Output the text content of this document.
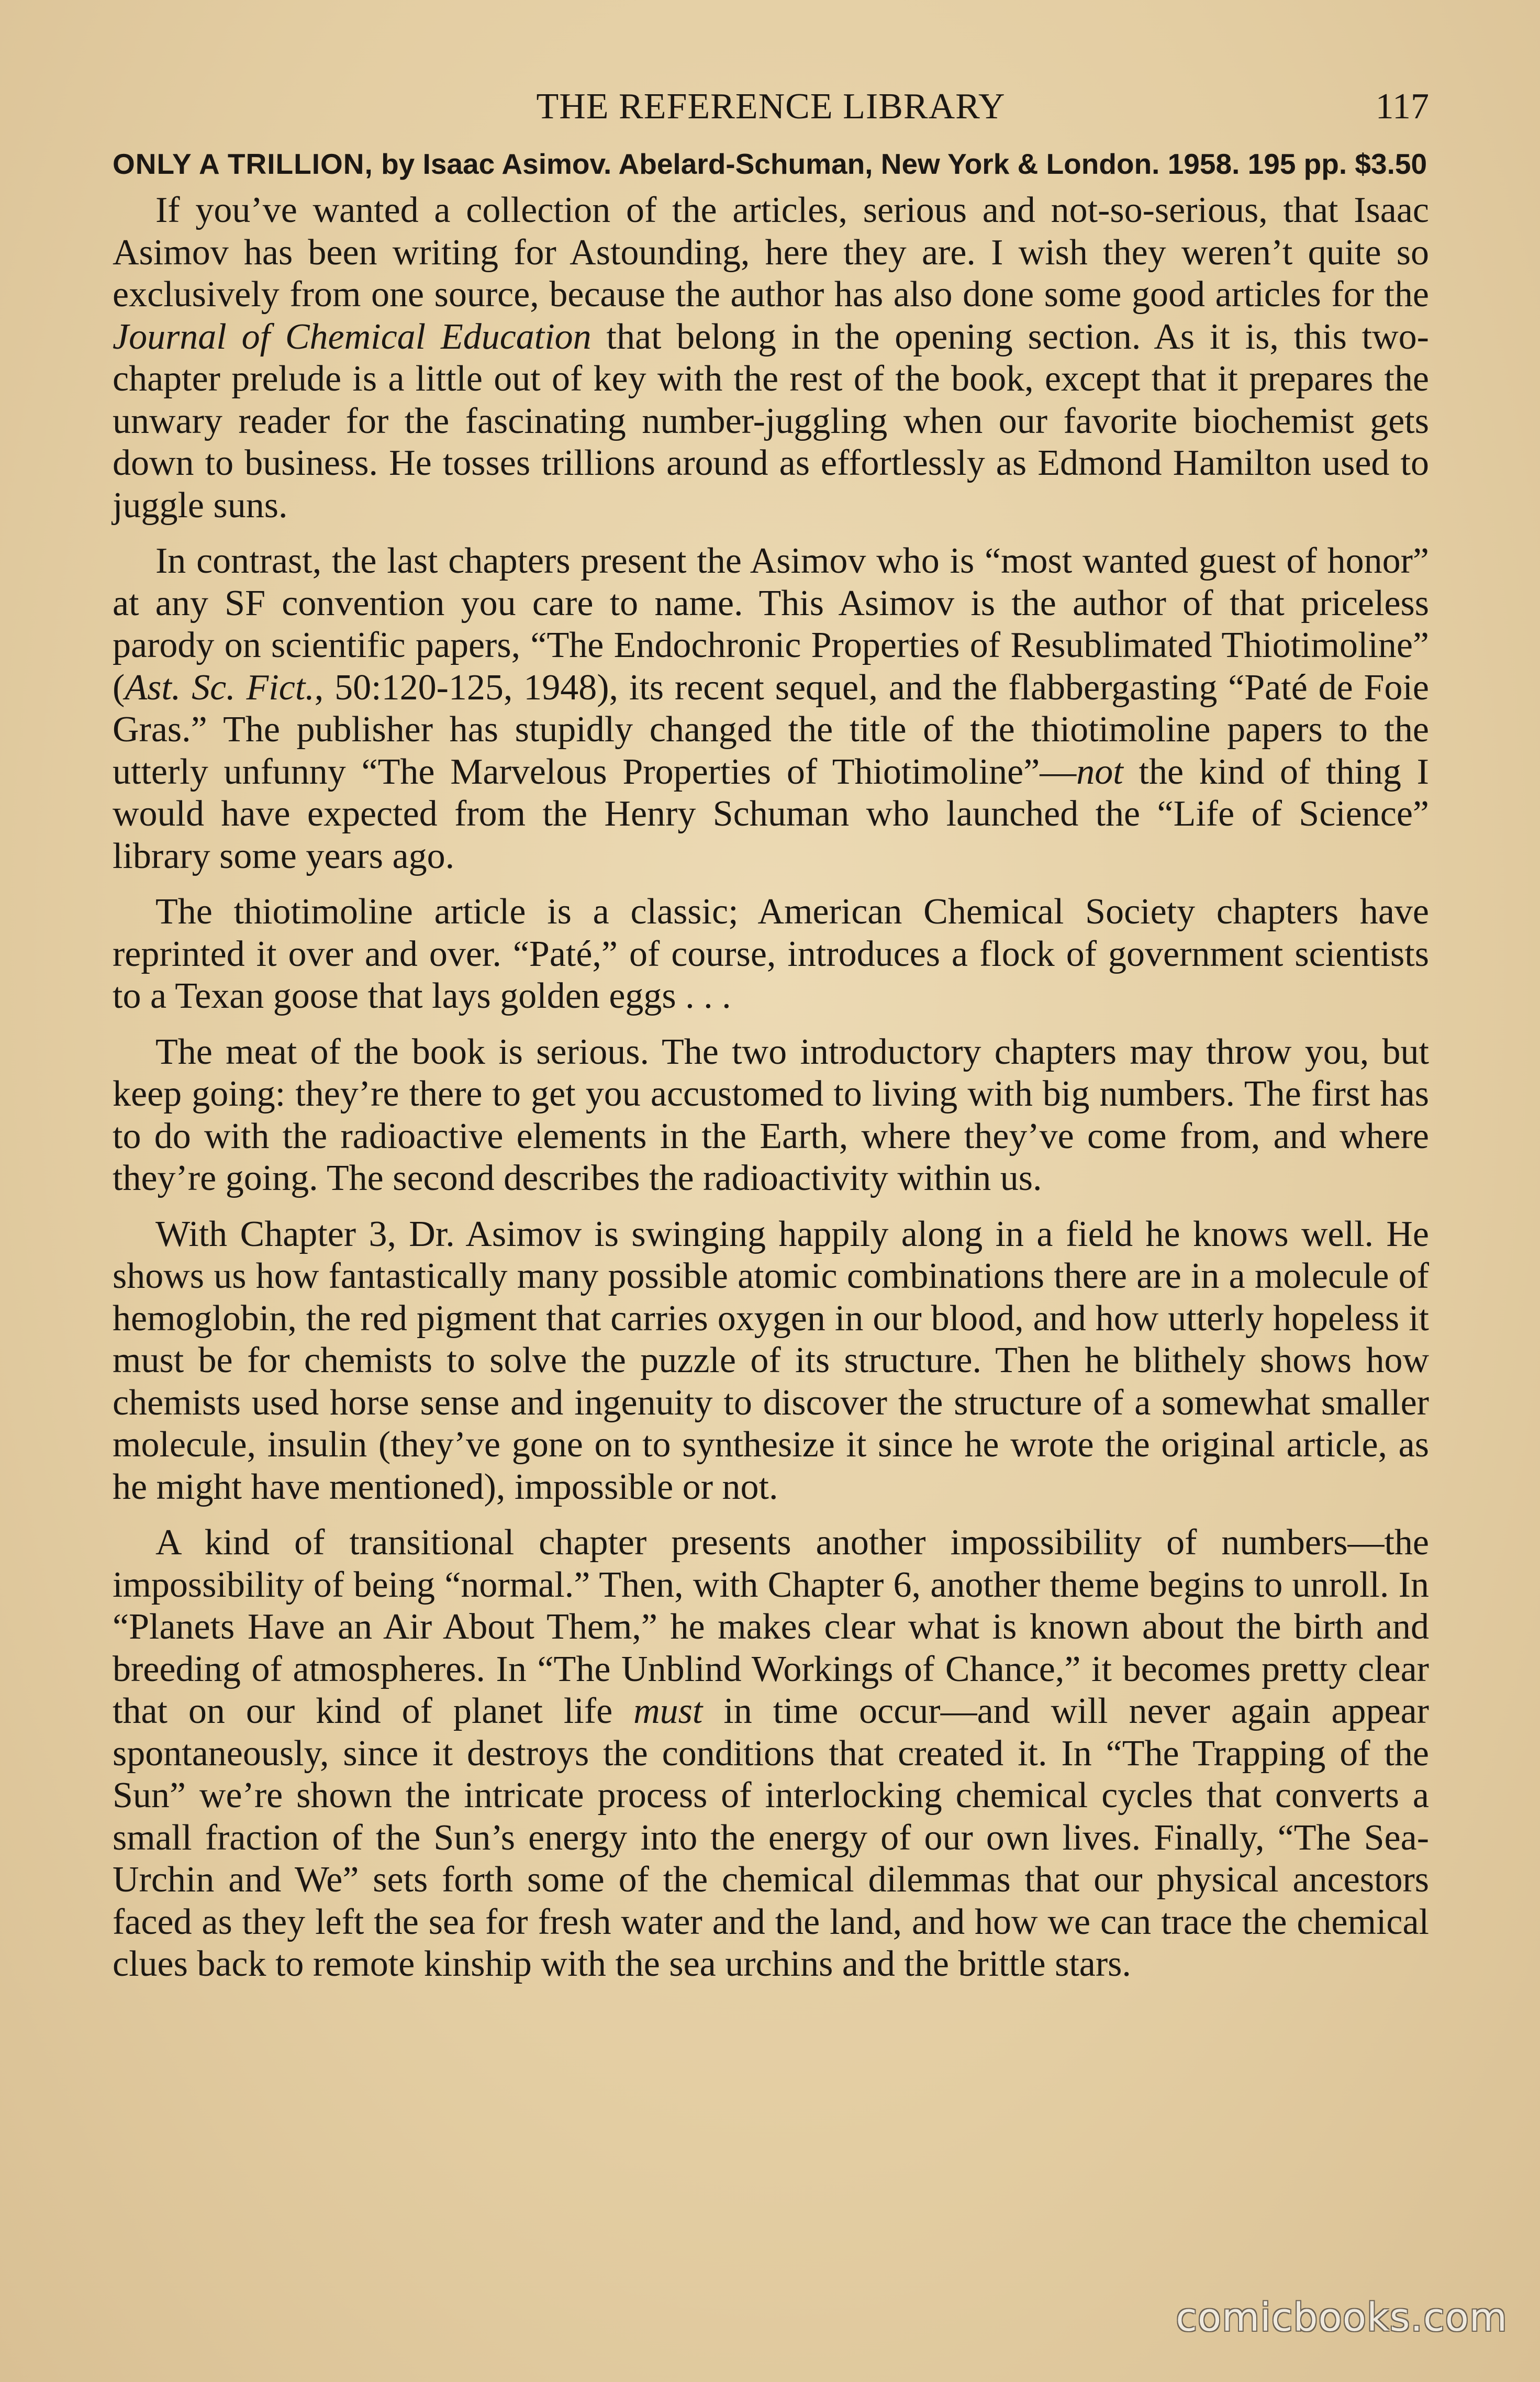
THE REFERENCE LIBRARY	117
ONLY A TRILLION, by Isaac Asimov. Abelard-Schuman, New York & London. 1958. 195 pp. $3.50

If you’ve wanted a collection of the articles, serious and not-so-serious, that Isaac Asimov has been writing for Astounding, here they are. I wish they weren’t quite so exclusively from one source, because the author has also done some good articles for the Journal of Chemical Education that belong in the opening section. As it is, this two-chapter prelude is a little out of key with the rest of the book, except that it prepares the unwary reader for the fascinating number-juggling when our favorite biochemist gets down to business. He tosses trillions around as effortlessly as Edmond Hamilton used to juggle suns.

In contrast, the last chapters present the Asimov who is “most wanted guest of honor” at any SF convention you care to name. This Asimov is the author of that priceless parody on scientific papers, “The Endochronic Properties of Resublimated Thiotimoline” (Ast. Sc. Fict., 50:120-125, 1948), its recent sequel, and the flabbergasting “Paté de Foie Gras.” The publisher has stupidly changed the title of the thiotimoline papers to the utterly unfunny “The Marvelous Properties of Thiotimoline”—not the kind of thing I would have expected from the Henry Schuman who launched the “Life of Science” library some years ago.

The thiotimoline article is a classic; American Chemical Society chapters have reprinted it over and over. “Paté,” of course, introduces a flock of government scientists to a Texan goose that lays golden eggs . . .

The meat of the book is serious. The two introductory chapters may throw you, but keep going: they’re there to get you accustomed to living with big numbers. The first has to do with the radioactive elements in the Earth, where they’ve come from, and where they’re going. The second describes the radioactivity within us.

With Chapter 3, Dr. Asimov is swinging happily along in a field he knows well. He shows us how fantastically many possible atomic combinations there are in a molecule of hemoglobin, the red pigment that carries oxygen in our blood, and how utterly hopeless it must be for chemists to solve the puzzle of its structure. Then he blithely shows how chemists used horse sense and ingenuity to discover the structure of a somewhat smaller molecule, insulin (they’ve gone on to synthesize it since he wrote the original article, as he might have mentioned), impossible or not.

A kind of transitional chapter presents another impossibility of numbers—the impossibility of being “normal.” Then, with Chapter 6, another theme begins to unroll. In “Planets Have an Air About Them,” he makes clear what is known about the birth and breeding of atmospheres. In “The Unblind Workings of Chance,” it becomes pretty clear that on our kind of planet life must in time occur—and will never again appear spontaneously, since it destroys the conditions that created it. In “The Trapping of the Sun” we’re shown the intricate process of interlocking chemical cycles that converts a small fraction of the Sun’s energy into the energy of our own lives. Finally, “The Sea-Urchin and We” sets forth some of the chemical dilemmas that our physical ancestors faced as they left the sea for fresh water and the land, and how we can trace the chemical clues back to remote kinship with the sea urchins and the brittle stars.

comicbooks.com
